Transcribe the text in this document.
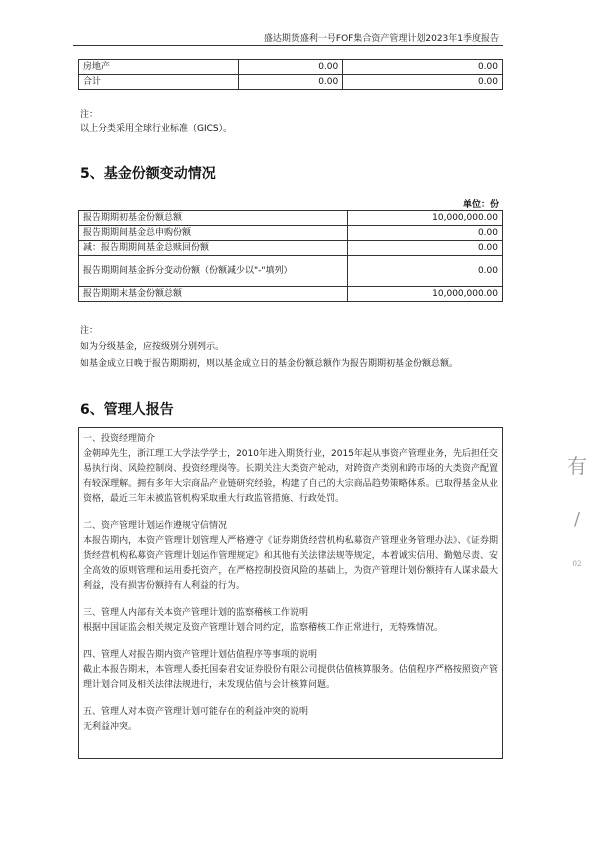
盛达期货盛利一号FOF集合资产管理计划2023年1季度报告
房地产	0.00	0.00
合计	0.00	0.00
注：
以上分类采用全球行业标准（GICS）。
5、基金份额变动情况
单位：份
报告期期初基金份额总额	10,000,000.00
报告期期间基金总申购份额	0.00
减：报告期期间基金总赎回份额	0.00
报告期期间基金拆分变动份额（份额减少以"-"填列）	0.00
报告期期末基金份额总额	10,000,000.00
注：
如为分级基金，应按级别分别列示。
如基金成立日晚于报告期期初，则以基金成立日的基金份额总额作为报告期期初基金份额总额。
6、管理人报告

一、投资经理简介

金朝琸先生，浙江理工大学法学学士，2010年进入期货行业，2015年起从事资产管理业务，先后担任交易执行岗、风险控制岗、投资经理岗等。长期关注大类资产轮动，对跨资产类别和跨市场的大类资产配置有较深理解。拥有多年大宗商品产业链研究经验，构建了自己的大宗商品趋势策略体系。已取得基金从业资格，最近三年未被监管机构采取重大行政监管措施、行政处罚。

二、资产管理计划运作遵规守信情况

本报告期内，本资产管理计划管理人严格遵守《证券期货经营机构私募资产管理业务管理办法》、《证券期货经营机构私募资产管理计划运作管理规定》和其他有关法律法规等规定，本着诚实信用、勤勉尽责、安全高效的原则管理和运用委托资产，在严格控制投资风险的基础上，为资产管理计划份额持有人谋求最大利益，没有损害份额持有人利益的行为。

三、管理人内部有关本资产管理计划的监察稽核工作说明

根据中国证监会相关规定及资产管理计划合同约定，监察稽核工作正常进行，无特殊情况。

四、管理人对报告期内资产管理计划估值程序等事项的说明

截止本报告期末，本管理人委托国泰君安证券股份有限公司提供估值核算服务。估值程序严格按照资产管理计划合同及相关法律法规进行，未发现估值与会计核算问题。

五、管理人对本资产管理计划可能存在的利益冲突的说明

无利益冲突。

有
∕
02
